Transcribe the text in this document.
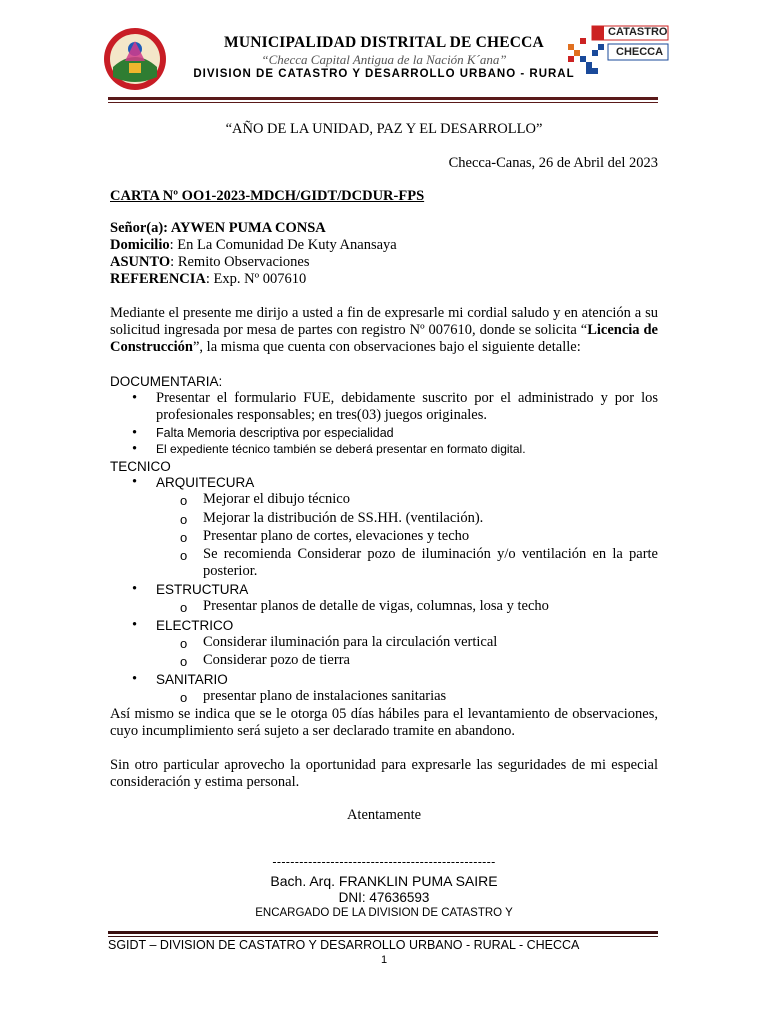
MUNICIPALIDAD DISTRITAL DE CHECCA
“Checca Capital Antigua de la Nación K´ana”
DIVISION DE CATASTRO Y DESARROLLO URBANO - RURAL
CATASTRO
CHECCA
“AÑO DE LA UNIDAD, PAZ Y EL DESARROLLO”
Checca-Canas, 26 de Abril del 2023
CARTA Nº OO1-2023-MDCH/GIDT/DCDUR-FPS
Señor(a): AYWEN PUMA CONSA
Domicilio: En La Comunidad De Kuty Anansaya
ASUNTO: Remito Observaciones
REFERENCIA: Exp. Nº 007610
Mediante el presente me dirijo a usted a fin de expresarle mi cordial saludo y en atención a su solicitud ingresada por mesa de partes con registro Nº 007610, donde se solicita “Licencia de Construcción”, la misma que cuenta con observaciones bajo el siguiente detalle:
DOCUMENTARIA:
• Presentar el formulario FUE, debidamente suscrito por el administrado y por los profesionales responsables; en tres(03) juegos originales.
• Falta Memoria descriptiva por especialidad
• El expediente técnico también se deberá presentar en formato digital.
TECNICO
• ARQUITECURA
o Mejorar el dibujo técnico
o Mejorar la distribución de SS.HH. (ventilación).
o Presentar plano de cortes, elevaciones y techo
o Se recomienda Considerar pozo de iluminación y/o ventilación en la parte posterior.
• ESTRUCTURA
o Presentar planos de detalle de vigas, columnas, losa y techo
• ELECTRICO
o Considerar iluminación para la circulación vertical
o Considerar pozo de tierra
• SANITARIO
o presentar plano de instalaciones sanitarias
Así mismo se indica que se le otorga 05 días hábiles para el levantamiento de observaciones, cuyo incumplimiento será sujeto a ser declarado tramite en abandono.
Sin otro particular aprovecho la oportunidad para expresarle las seguridades de mi especial consideración y estima personal.
Atentamente
--------------------------------------------------
Bach. Arq. FRANKLIN PUMA SAIRE
DNI: 47636593
ENCARGADO DE LA DIVISION DE CATASTRO Y
SGIDT – DIVISION DE CASTATRO Y DESARROLLO URBANO - RURAL - CHECCA
1
